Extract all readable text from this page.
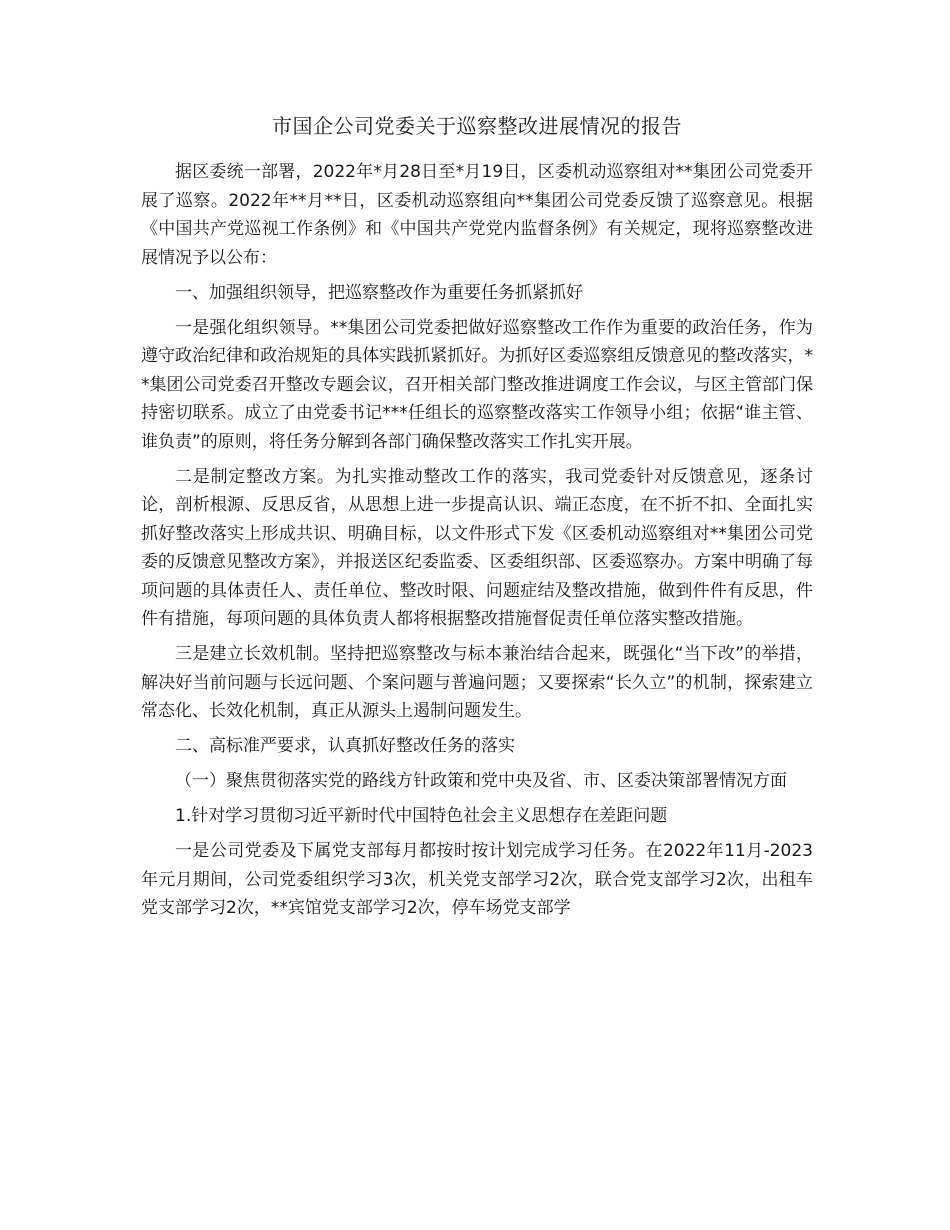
市国企公司党委关于巡察整改进展情况的报告

据区委统一部署，2022年*月28日至*月19日，区委机动巡察组对**集团公司党委开展了巡察。2022年**月**日，区委机动巡察组向**集团公司党委反馈了巡察意见。根据《中国共产党巡视工作条例》和《中国共产党党内监督条例》有关规定，现将巡察整改进展情况予以公布：

一、加强组织领导，把巡察整改作为重要任务抓紧抓好

一是强化组织领导。**集团公司党委把做好巡察整改工作作为重要的政治任务，作为遵守政治纪律和政治规矩的具体实践抓紧抓好。为抓好区委巡察组反馈意见的整改落实，**集团公司党委召开整改专题会议，召开相关部门整改推进调度工作会议，与区主管部门保持密切联系。成立了由党委书记***任组长的巡察整改落实工作领导小组；依据“谁主管、谁负责”的原则，将任务分解到各部门确保整改落实工作扎实开展。

二是制定整改方案。为扎实推动整改工作的落实，我司党委针对反馈意见，逐条讨论，剖析根源、反思反省，从思想上进一步提高认识、端正态度，在不折不扣、全面扎实抓好整改落实上形成共识、明确目标，以文件形式下发《区委机动巡察组对**集团公司党委的反馈意见整改方案》，并报送区纪委监委、区委组织部、区委巡察办。方案中明确了每项问题的具体责任人、责任单位、整改时限、问题症结及整改措施，做到件件有反思，件件有措施，每项问题的具体负责人都将根据整改措施督促责任单位落实整改措施。

三是建立长效机制。坚持把巡察整改与标本兼治结合起来，既强化“当下改”的举措，解决好当前问题与长远问题、个案问题与普遍问题；又要探索“长久立”的机制，探索建立常态化、长效化机制，真正从源头上遏制问题发生。

二、高标准严要求，认真抓好整改任务的落实

（一）聚焦贯彻落实党的路线方针政策和党中央及省、市、区委决策部署情况方面

1.针对学习贯彻习近平新时代中国特色社会主义思想存在差距问题

一是公司党委及下属党支部每月都按时按计划完成学习任务。在2022年11月-2023年元月期间，公司党委组织学习3次，机关党支部学习2次，联合党支部学习2次，出租车党支部学习2次，**宾馆党支部学习2次，停车场党支部学
